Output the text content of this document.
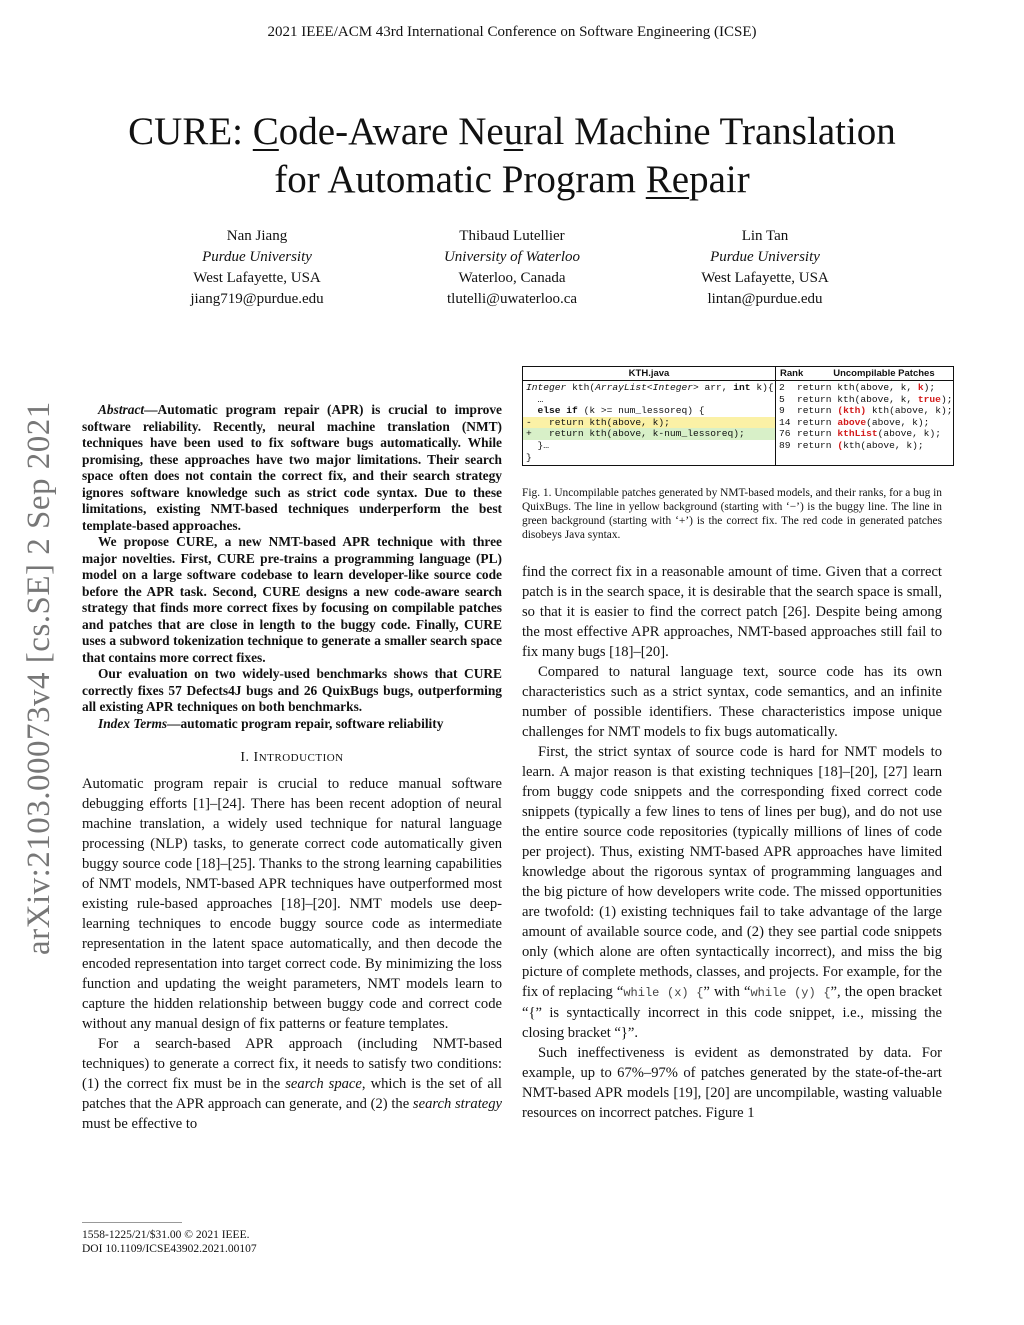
2021 IEEE/ACM 43rd International Conference on Software Engineering (ICSE)
CURE: Code-Aware Neural Machine Translation
for Automatic Program Repair
Nan Jiang
Purdue University
West Lafayette, USA
jiang719@purdue.edu
Thibaud Lutellier
University of Waterloo
Waterloo, Canada
tlutelli@uwaterloo.ca
Lin Tan
Purdue University
West Lafayette, USA
lintan@purdue.edu
arXiv:2103.00073v4 [cs.SE] 2 Sep 2021	Abstract—Automatic program repair (APR) is crucial to improve software reliability. Recently, neural machine translation (NMT) techniques have been used to fix software bugs automatically. While promising, these approaches have two major limitations. Their search space often does not contain the correct fix, and their search strategy ignores software knowledge such as strict code syntax. Due to these limitations, existing NMT-based techniques underperform the best template-based approaches.

We propose CURE, a new NMT-based APR technique with three major novelties. First, CURE pre-trains a programming language (PL) model on a large software codebase to learn developer-like source code before the APR task. Second, CURE designs a new code-aware search strategy that finds more correct fixes by focusing on compilable patches and patches that are close in length to the buggy code. Finally, CURE uses a subword tokenization technique to generate a smaller search space that contains more correct fixes.

Our evaluation on two widely-used benchmarks shows that CURE correctly fixes 57 Defects4J bugs and 26 QuixBugs bugs, outperforming all existing APR techniques on both benchmarks.

Index Terms—automatic program repair, software reliability

I. INTRODUCTION

Automatic program repair is crucial to reduce manual software debugging efforts [1]–[24]. There has been recent adoption of neural machine translation, a widely used technique for natural language processing (NLP) tasks, to generate correct code automatically given buggy source code [18]–[25]. Thanks to the strong learning capabilities of NMT models, NMT-based APR techniques have outperformed most existing rule-based approaches [18]–[20]. NMT models use deep-learning techniques to encode buggy source code as intermediate representation in the latent space automatically, and then decode the encoded representation into target correct code. By minimizing the loss function and updating the weight parameters, NMT models learn to capture the hidden relationship between buggy code and correct code without any manual design of fix patterns or feature templates.

For a search-based APR approach (including NMT-based techniques) to generate a correct fix, it needs to satisfy two conditions: (1) the correct fix must be in the search space, which is the set of all patches that the APR approach can generate, and (2) the search strategy must be effective to

1558-1225/21/$31.00 © 2021 IEEE.
DOI 10.1109/ICSE43902.2021.00107
KTH.java	Rank	Uncompilable Patches
Integer kth(ArrayList<Integer> arr, int k){
…
else if (k >= num_lessoreq) {
-   return kth(above, k);
+   return kth(above, k-num_lessoreq);
}…
}
2 return kth(above, k, k);
5 return kth(above, k, true);
9 return (kth) kth(above, k);
14 return above(above, k);
76 return kthList(above, k);
89 return (kth(above, k);
Fig. 1. Uncompilable patches generated by NMT-based models, and their ranks, for a bug in QuixBugs. The line in yellow background (starting with ‘−’) is the buggy line. The line in green background (starting with ‘+’) is the correct fix. The red code in generated patches disobeys Java syntax.

find the correct fix in a reasonable amount of time. Given that a correct patch is in the search space, it is desirable that the search space is small, so that it is easier to find the correct patch [26]. Despite being among the most effective APR approaches, NMT-based approaches still fail to fix many bugs [18]–[20].

Compared to natural language text, source code has its own characteristics such as a strict syntax, code semantics, and an infinite number of possible identifiers. These characteristics impose unique challenges for NMT models to fix bugs automatically.

First, the strict syntax of source code is hard for NMT models to learn. A major reason is that existing techniques [18]–[20], [27] learn from buggy code snippets and the corresponding fixed correct code snippets (typically a few lines to tens of lines per bug), and do not use the entire source code repositories (typically millions of lines of code per project). Thus, existing NMT-based APR approaches have limited knowledge about the rigorous syntax of programming languages and the big picture of how developers write code. The missed opportunities are twofold: (1) existing techniques fail to take advantage of the large amount of available source code, and (2) they see partial code snippets only (which alone are often syntactically incorrect), and miss the big picture of complete methods, classes, and projects. For example, for the fix of replacing “while (x) {” with “while (y) {”, the open bracket “{” is syntactically incorrect in this code snippet, i.e., missing the closing bracket “}”.

Such ineffectiveness is evident as demonstrated by data. For example, up to 67%–97% of patches generated by the state-of-the-art NMT-based APR models [19], [20] are uncompilable, wasting valuable resources on incorrect patches. Figure 1
